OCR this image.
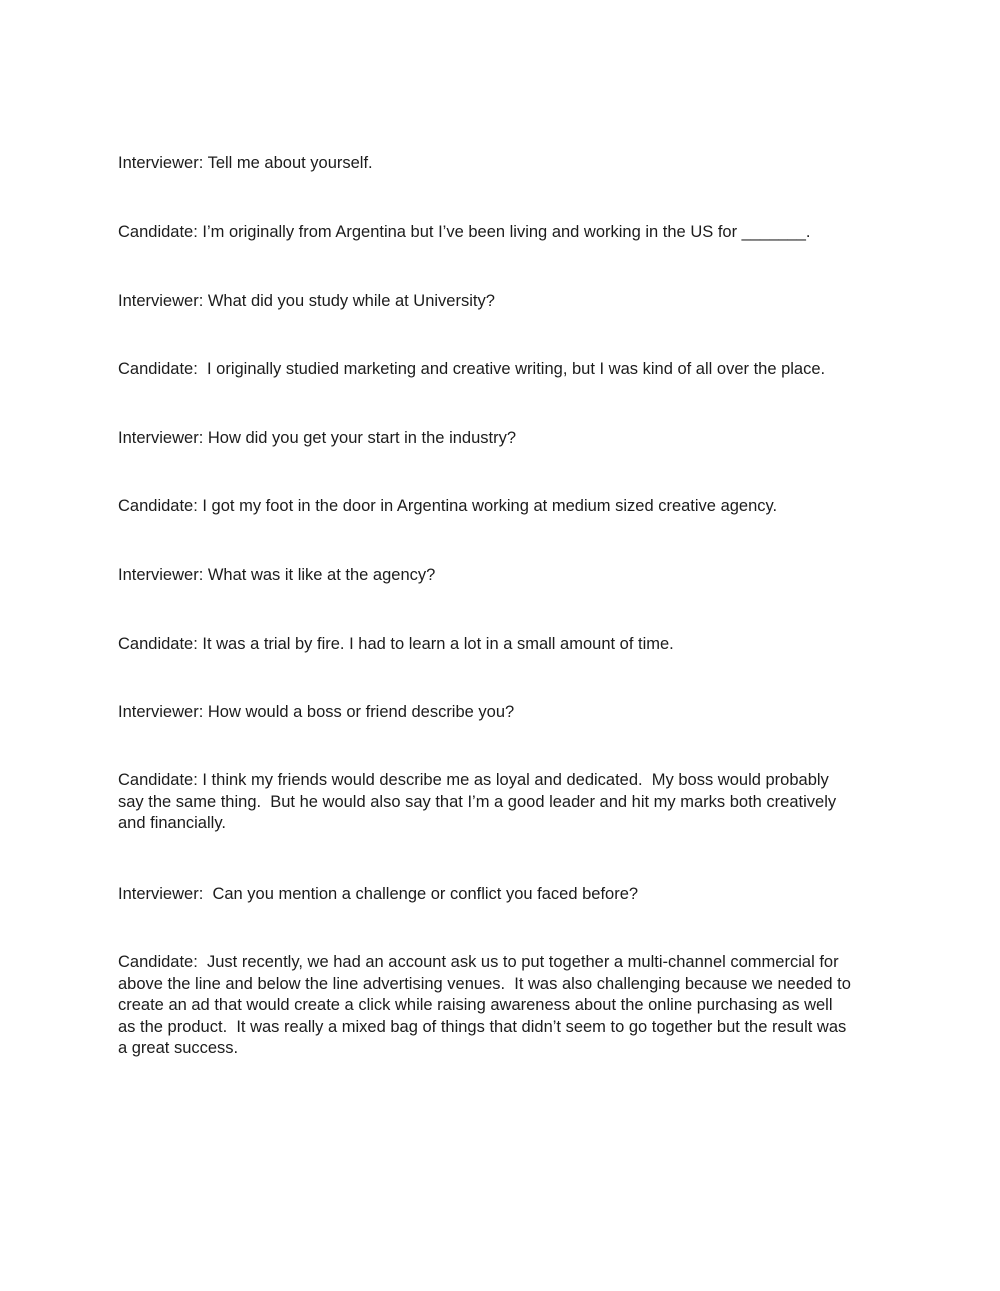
Interviewer: Tell me about yourself.

Candidate: I’m originally from Argentina but I’ve been living and working in the US for _______.

Interviewer: What did you study while at University?

Candidate:  I originally studied marketing and creative writing, but I was kind of all over the place.

Interviewer: How did you get your start in the industry?

Candidate: I got my foot in the door in Argentina working at medium sized creative agency.

Interviewer: What was it like at the agency?

Candidate: It was a trial by fire. I had to learn a lot in a small amount of time.

Interviewer: How would a boss or friend describe you?

Candidate: I think my friends would describe me as loyal and dedicated.  My boss would probably
say the same thing.  But he would also say that I’m a good leader and hit my marks both creatively
and financially.

Interviewer:  Can you mention a challenge or conflict you faced before?

Candidate:  Just recently, we had an account ask us to put together a multi-channel commercial for
above the line and below the line advertising venues.  It was also challenging because we needed to
create an ad that would create a click while raising awareness about the online purchasing as well
as the product.  It was really a mixed bag of things that didn’t seem to go together but the result was
a great success.
